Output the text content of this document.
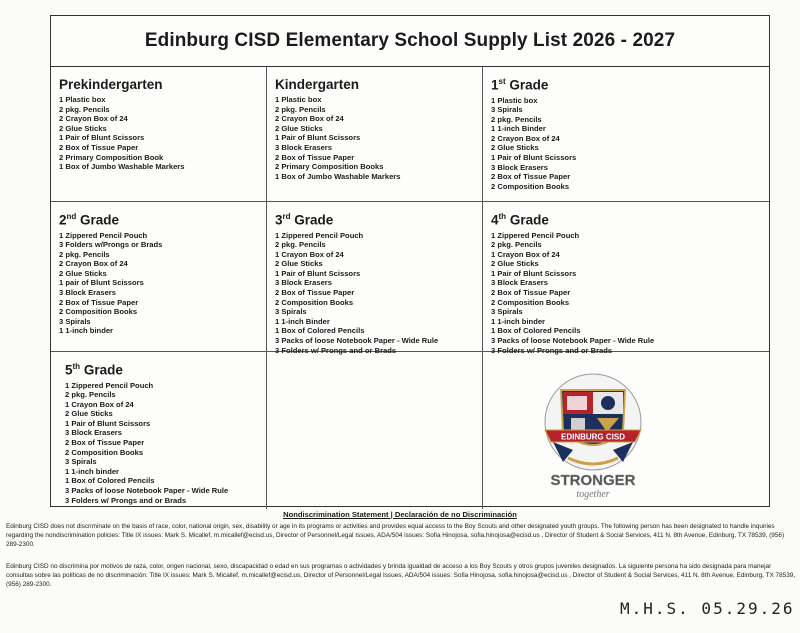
Edinburg CISD Elementary School Supply List 2026 - 2027
Prekindergarten
1 Plastic box
2 pkg. Pencils
2 Crayon Box of 24
2 Glue Sticks
1 Pair of Blunt Scissors
2 Box of Tissue Paper
2 Primary Composition Book
1 Box of Jumbo Washable Markers
Kindergarten
1 Plastic box
2 pkg. Pencils
2 Crayon Box of 24
2 Glue Sticks
1 Pair of Blunt Scissors
3 Block Erasers
2 Box of Tissue Paper
2 Primary Composition Books
1 Box of Jumbo Washable Markers
1st Grade
1 Plastic box
3 Spirals
2 pkg. Pencils
1 1-inch Binder
2 Crayon Box of 24
2 Glue Sticks
1 Pair of Blunt Scissors
3 Block Erasers
2 Box of Tissue Paper
2 Composition Books
2nd Grade
1 Zippered Pencil Pouch
3 Folders w/Prongs or Brads
2 pkg. Pencils
2 Crayon Box of 24
2 Glue Sticks
1 pair of Blunt Scissors
3 Block Erasers
2 Box of Tissue Paper
2 Composition Books
3 Spirals
1 1-inch binder
3rd Grade
1 Zippered Pencil Pouch
2 pkg. Pencils
1 Crayon Box of 24
2 Glue Sticks
1 Pair of Blunt Scissors
3 Block Erasers
2 Box of Tissue Paper
2 Composition Books
3 Spirals
1 1-inch Binder
1 Box of Colored Pencils
3 Packs of loose Notebook Paper - Wide Rule
3 Folders w/ Prongs and or Brads
4th Grade
1 Zippered Pencil Pouch
2 pkg. Pencils
1 Crayon Box of 24
2 Glue Sticks
1 Pair of Blunt Scissors
3 Block Erasers
2 Box of Tissue Paper
2 Composition Books
3 Spirals
1 1-inch binder
1 Box of Colored Pencils
3 Packs of loose Notebook Paper - Wide Rule
3 Folders w/ Prongs and or Brads
5th Grade
1 Zippered Pencil Pouch
2 pkg. Pencils
1 Crayon Box of 24
2 Glue Sticks
1 Pair of Blunt Scissors
3 Block Erasers
2 Box of Tissue Paper
2 Composition Books
3 Spirals
1 1-inch binder
1 Box of Colored Pencils
3 Packs of loose Notebook Paper - Wide Rule
3 Folders w/ Prongs and or Brads
EDINBURG CISD
STRONGER
together
Nondiscrimination Statement | Declaración de no Discriminación
Edinburg CISD does not discriminate on the basis of race, color, national origin, sex, disability or age in its programs or activities and provides equal access to the Boy Scouts and other designated youth groups. The following person has been designated to handle inquiries regarding the nondiscrimination policies: Title IX issues: Mark S. Micallef, m.micallef@ecisd.us, Director of Personnel/Legal Issues, ADA/504 issues: Sofia Hinojosa, sofia.hinojosa@ecisd.us , Director of Student & Social Services, 411 N. 8th Avenue, Edinburg, TX 78539, (956) 289-2300.
Edinburg CISD no discrimina por motivos de raza, color, origen nacional, sexo, discapacidad o edad en sus programas o actividades y brinda igualdad de acceso a los Boy Scouts y otros grupos juveniles designados. La siguiente persona ha sido designada para manejar consultas sobre las políticas de no discriminación: Title IX issues: Mark S. Micallef, m.micallef@ecisd.us, Director of Personnel/Legal Issues, ADA/504 issues: Sofia Hinojosa, sofia.hinojosa@ecisd.us , Director of Student & Social Services, 411 N. 8th Avenue, Edinburg, TX 78539, (956) 289-2300.
M.H.S. 05.29.26
